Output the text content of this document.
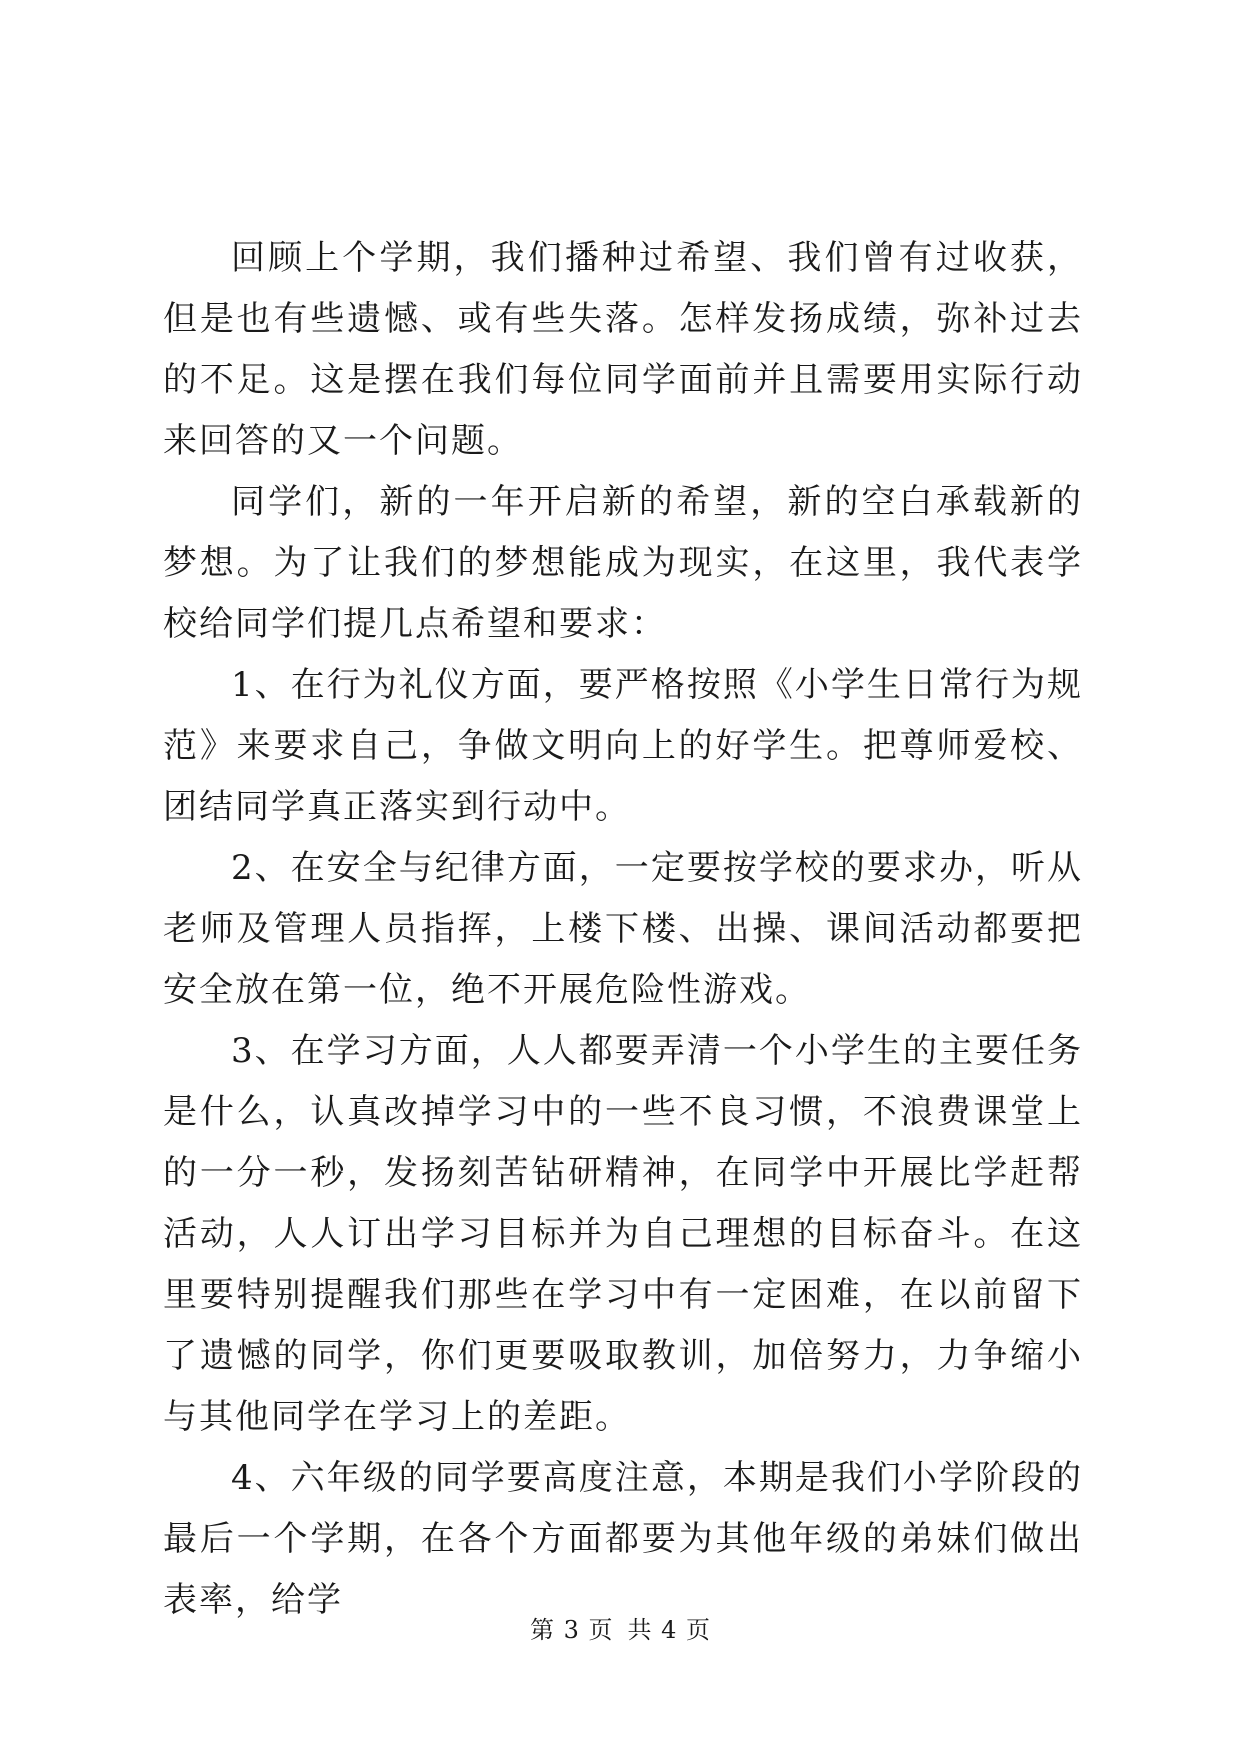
回顾上个学期，我们播种过希望、我们曾有过收获，但是也有些遗憾、或有些失落。怎样发扬成绩，弥补过去的不足。这是摆在我们每位同学面前并且需要用实际行动来回答的又一个问题。

同学们，新的一年开启新的希望，新的空白承载新的梦想。为了让我们的梦想能成为现实，在这里，我代表学校给同学们提几点希望和要求：

1、在行为礼仪方面，要严格按照《小学生日常行为规范》来要求自己，争做文明向上的好学生。把尊师爱校、团结同学真正落实到行动中。

2、在安全与纪律方面，一定要按学校的要求办，听从老师及管理人员指挥，上楼下楼、出操、课间活动都要把安全放在第一位，绝不开展危险性游戏。

3、在学习方面，人人都要弄清一个小学生的主要任务是什么，认真改掉学习中的一些不良习惯，不浪费课堂上的一分一秒，发扬刻苦钻研精神，在同学中开展比学赶帮活动，人人订出学习目标并为自己理想的目标奋斗。在这里要特别提醒我们那些在学习中有一定困难，在以前留下了遗憾的同学，你们更要吸取教训，加倍努力，力争缩小与其他同学在学习上的差距。

4、六年级的同学要高度注意，本期是我们小学阶段的最后一个学期，在各个方面都要为其他年级的弟妹们做出表率，给学

第 3 页 共 4 页
